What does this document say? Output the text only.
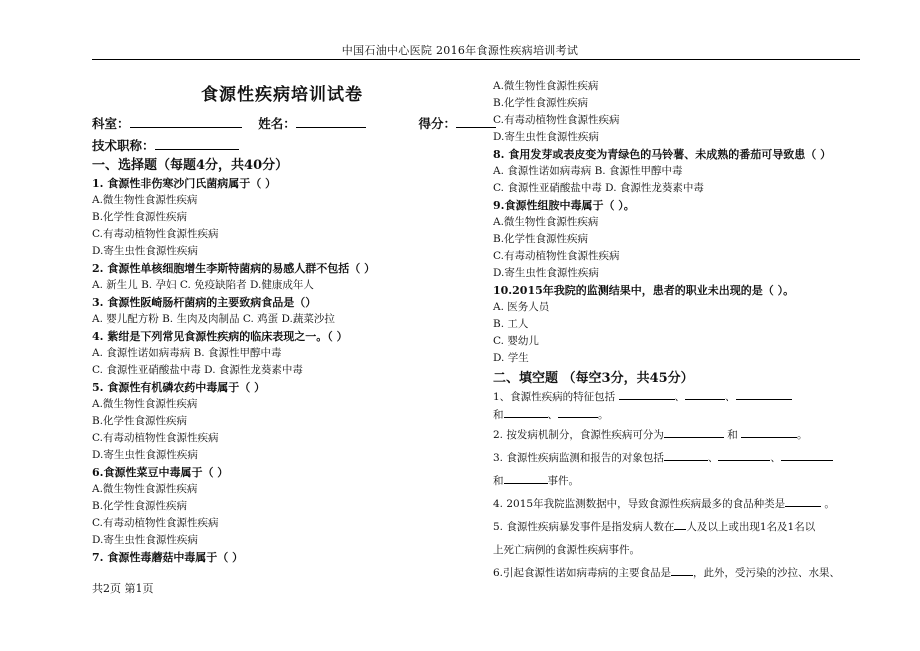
中国石油中心医院 2016年食源性疾病培训考试
食源性疾病培训试卷
科室：	姓名：	得分：
技术职称：
一、选择题（每题4分，共40分）
1. 食源性非伤寒沙门氏菌病属于（ ）
A.微生物性食源性疾病
B.化学性食源性疾病
C.有毒动植物性食源性疾病
D.寄生虫性食源性疾病
2. 食源性单核细胞增生李斯特菌病的易感人群不包括（ ）
A. 新生儿 B. 孕妇 C. 免疫缺陷者 D.健康成年人
3. 食源性阪崎肠杆菌病的主要致病食品是（）
A. 婴儿配方粉 B. 生肉及肉制品 C. 鸡蛋 D.蔬菜沙拉
4. 紫绀是下列常见食源性疾病的临床表现之一。（ ）
A. 食源性诺如病毒病 B. 食源性甲醇中毒
C. 食源性亚硝酸盐中毒 D. 食源性龙葵素中毒
5. 食源性有机磷农药中毒属于（ ）
A.微生物性食源性疾病
B.化学性食源性疾病
C.有毒动植物性食源性疾病
D.寄生虫性食源性疾病
6.食源性菜豆中毒属于（ ）
A.微生物性食源性疾病
B.化学性食源性疾病
C.有毒动植物性食源性疾病
D.寄生虫性食源性疾病
7. 食源性毒蘑菇中毒属于（ ）
A.微生物性食源性疾病
B.化学性食源性疾病
C.有毒动植物性食源性疾病
D.寄生虫性食源性疾病
8. 食用发芽或表皮变为青绿色的马铃薯、未成熟的番茄可导致患（ ）
A. 食源性诺如病毒病 B. 食源性甲醇中毒
C. 食源性亚硝酸盐中毒 D. 食源性龙葵素中毒
9.食源性组胺中毒属于（ ）。
A.微生物性食源性疾病
B.化学性食源性疾病
C.有毒动植物性食源性疾病
D.寄生虫性食源性疾病
10.2015年我院的监测结果中，患者的职业未出现的是（ ）。
A. 医务人员
B. 工人
C. 婴幼儿
D. 学生
二、填空题 （每空3分，共45分）
1、食源性疾病的特征包括	、	、
和	、	。
2. 按发病机制分，食源性疾病可分为	和	。
3. 食源性疾病监测和报告的对象包括	、	、
和	事件。
4. 2015年我院监测数据中，导致食源性疾病最多的食品种类是	。
5. 食源性疾病暴发事件是指发病人数在 人及以上或出现1名及1名以
上死亡病例的食源性疾病事件。
6.引起食源性诺如病毒病的主要食品是 ，此外，受污染的沙拉、水果、
共2页 第1页
